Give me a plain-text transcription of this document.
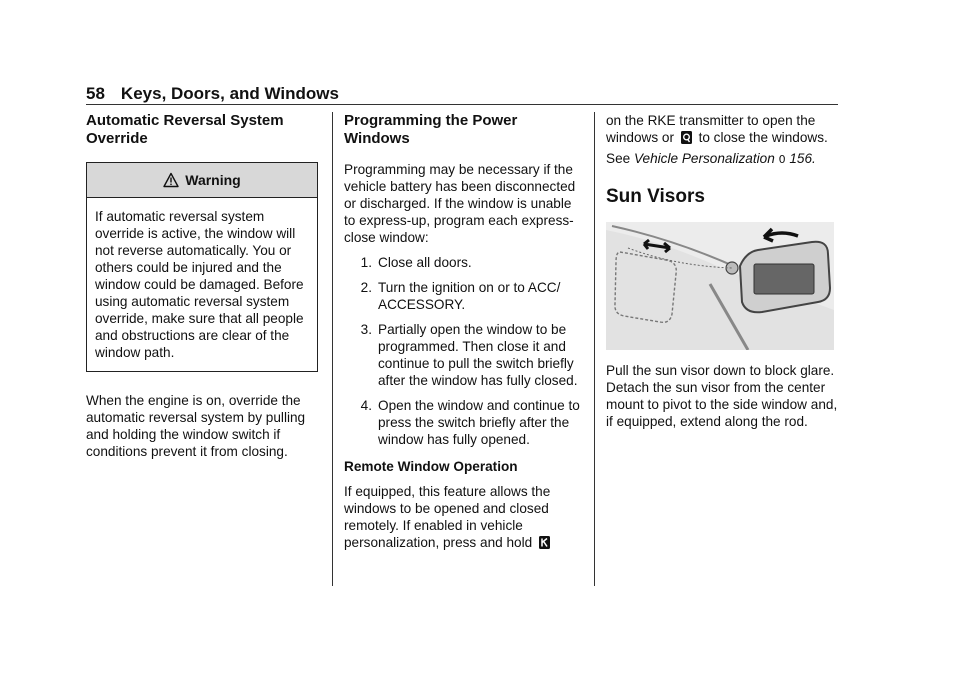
58 Keys, Doors, and Windows
Automatic Reversal System Override
Warning
If automatic reversal system override is active, the window will not reverse automatically. You or others could be injured and the window could be damaged. Before using automatic reversal system override, make sure that all people and obstructions are clear of the window path.

When the engine is on, override the automatic reversal system by pulling and holding the window switch if conditions prevent it from closing.

Programming the Power Windows

Programming may be necessary if the vehicle battery has been disconnected or discharged. If the window is unable to express-up, program each express-close window:

1. Close all doors.
2. Turn the ignition on or to ACC/ ACCESSORY.
3. Partially open the window to be programmed. Then close it and continue to pull the switch briefly after the window has fully closed.
4. Open the window and continue to press the switch briefly after the window has fully opened.

Remote Window Operation

If equipped, this feature allows the windows to be opened and closed remotely. If enabled in vehicle personalization, press and hold

on the RKE transmitter to open the windows or to close the windows.

See Vehicle Personalization 0 156.

Sun Visors

Pull the sun visor down to block glare. Detach the sun visor from the center mount to pivot to the side window and, if equipped, extend along the rod.
